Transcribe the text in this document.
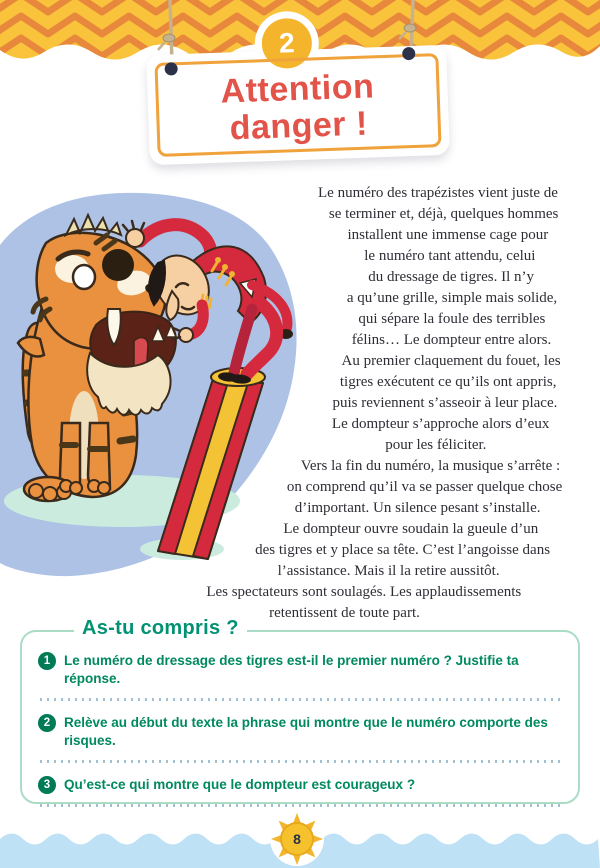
2
Attention
danger !
Le numéro des trapézistes vient juste de
se terminer et, déjà, quelques hommes
installent une immense cage pour
le numéro tant attendu, celui
du dressage de tigres. Il n’y
a qu’une grille, simple mais solide,
qui sépare la foule des terribles
félins… Le dompteur entre alors.
Au premier claquement du fouet, les
tigres exécutent ce qu’ils ont appris,
puis reviennent s’asseoir à leur place.
Le dompteur s’approche alors d’eux
pour les féliciter.
Vers la fin du numéro, la musique s’arrête :
on comprend qu’il va se passer quelque chose
d’important. Un silence pesant s’installe.
Le dompteur ouvre soudain la gueule d’un
des tigres et y place sa tête. C’est l’angoisse dans
l’assistance. Mais il la retire aussitôt.
Les spectateurs sont soulagés. Les applaudissements
retentissent de toute part.
As-tu compris ?
1	Le numéro de dressage des tigres est-il le premier numéro ? Justifie ta réponse.
2	Relève au début du texte la phrase qui montre que le numéro comporte des risques.
3	Qu’est-ce qui montre que le dompteur est courageux ?
8
